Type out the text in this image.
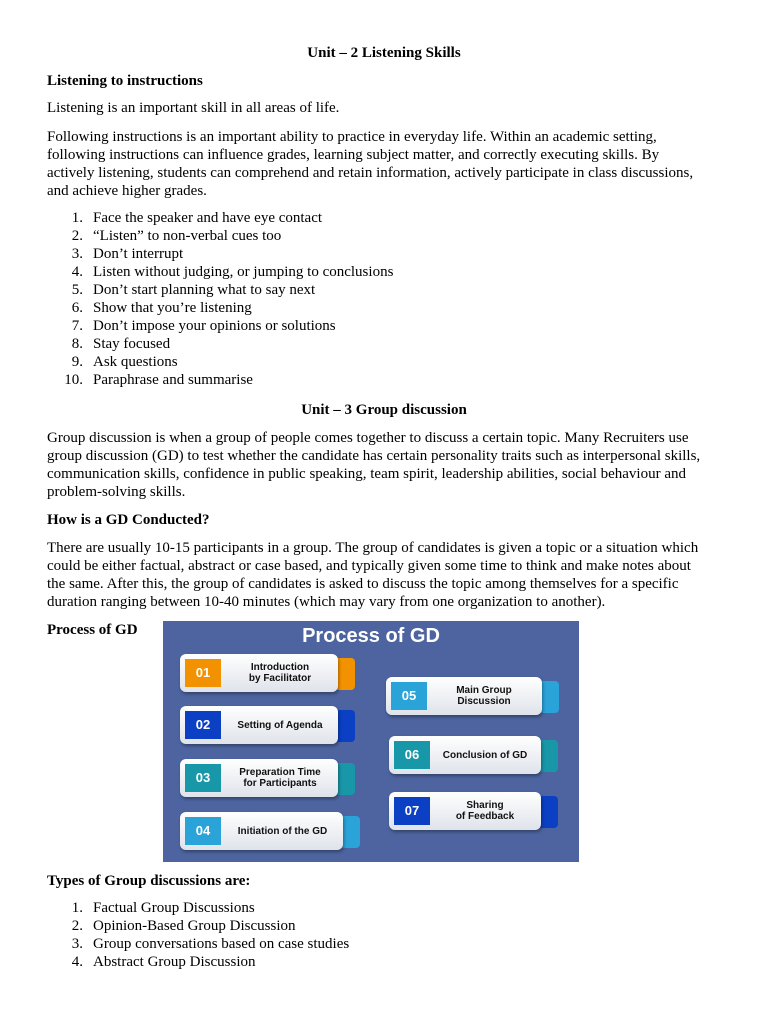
Unit – 2 Listening Skills
Listening to instructions
Listening is an important skill in all areas of life.
Following instructions is an important ability to practice in everyday life. Within an academic setting,
following instructions can influence grades, learning subject matter, and correctly executing skills. By
actively listening, students can comprehend and retain information, actively participate in class discussions,
and achieve higher grades.
1. Face the speaker and have eye contact
2. “Listen” to non-verbal cues too
3. Don’t interrupt
4. Listen without judging, or jumping to conclusions
5. Don’t start planning what to say next
6. Show that you’re listening
7. Don’t impose your opinions or solutions
8. Stay focused
9. Ask questions
10. Paraphrase and summarise
Unit – 3 Group discussion
Group discussion is when a group of people comes together to discuss a certain topic. Many Recruiters use
group discussion (GD) to test whether the candidate has certain personality traits such as interpersonal skills,
communication skills, confidence in public speaking, team spirit, leadership abilities, social behaviour and
problem-solving skills.
How is a GD Conducted?
There are usually 10-15 participants in a group. The group of candidates is given a topic or a situation which
could be either factual, abstract or case based, and typically given some time to think and make notes about
the same. After this, the group of candidates is asked to discuss the topic among themselves for a specific
duration ranging between 10-40 minutes (which may vary from one organization to another).
Process of GD	Process of GD
01	Introduction
by Facilitator
02	Setting of Agenda
03	Preparation Time
for Participants
04	Initiation of the GD
05	Main Group
Discussion
06	Conclusion of GD
07	Sharing
of Feedback
Types of Group discussions are:
1. Factual Group Discussions
2. Opinion-Based Group Discussion
3. Group conversations based on case studies
4. Abstract Group Discussion
